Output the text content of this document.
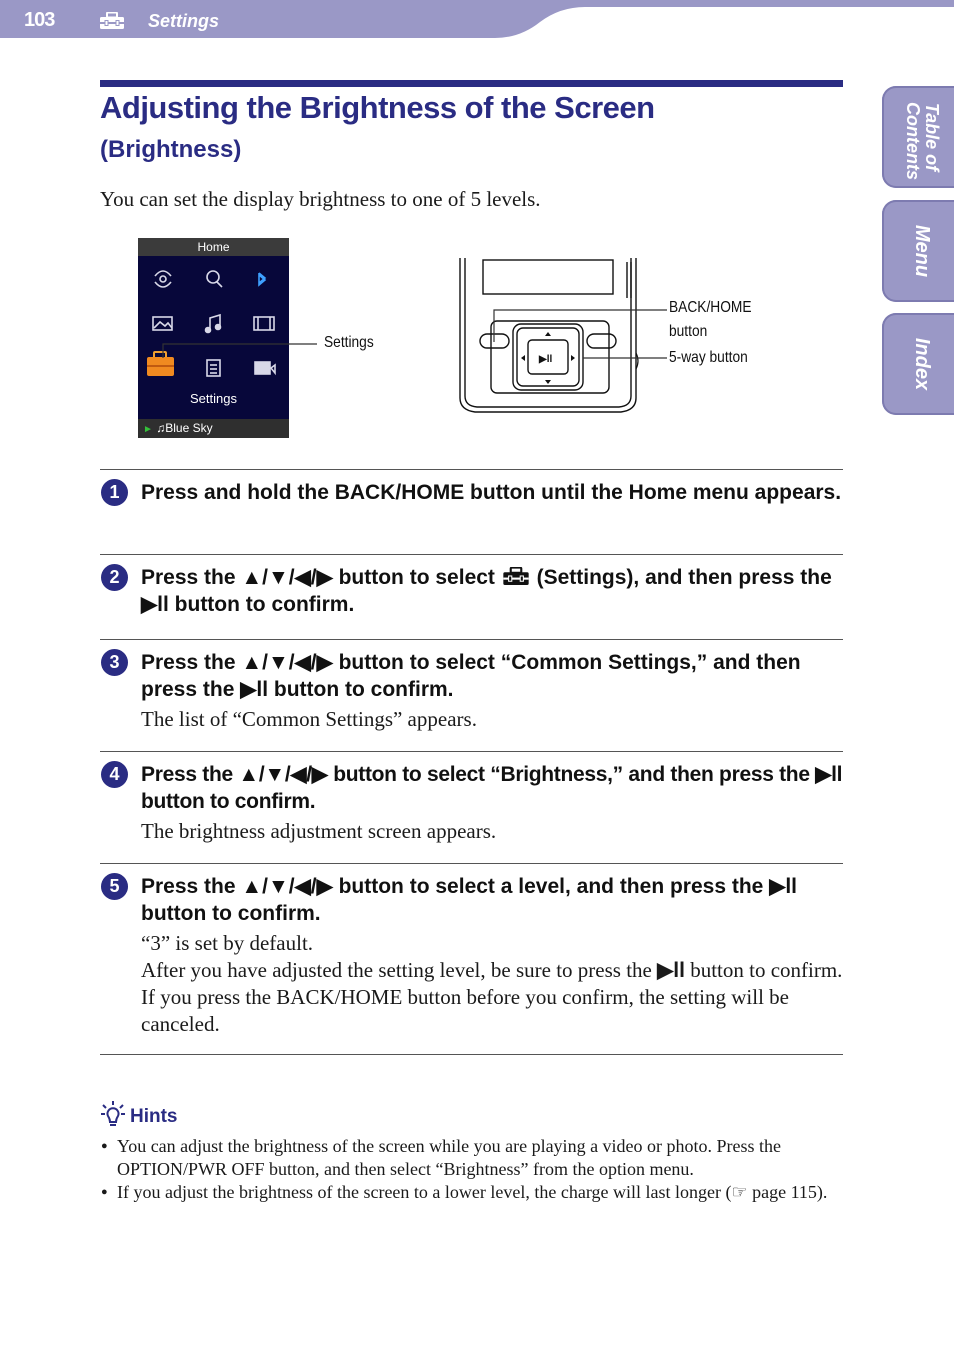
103	Settings
Table of Contents
Menu
Index
Adjusting the Brightness of the Screen
(Brightness)
You can set the display brightness to one of 5 levels.
Home
Settings
► ♫Blue Sky
Settings
▶ll
BACK/HOME
button
5-way button
1	Press and hold the BACK/HOME button until the Home menu appears.
2	Press the ▲/▼/◀/▶ button to select  (Settings), and then press the ▶ll button to confirm.
3	Press the ▲/▼/◀/▶ button to select “Common Settings,” and then press the ▶ll button to confirm.
The list of “Common Settings” appears.
4	Press the ▲/▼/◀/▶ button to select “Brightness,” and then press the ▶ll button to confirm.
The brightness adjustment screen appears.
5	Press the ▲/▼/◀/▶ button to select a level, and then press the ▶ll button to confirm.
“3” is set by default.
After you have adjusted the setting level, be sure to press the ▶ll button to confirm. If you press the BACK/HOME button before you confirm, the setting will be canceled.
Hints
● You can adjust the brightness of the screen while you are playing a video or photo. Press the OPTION/PWR OFF button, and then select “Brightness” from the option menu.
● If you adjust the brightness of the screen to a lower level, the charge will last longer (☞ page 115).
